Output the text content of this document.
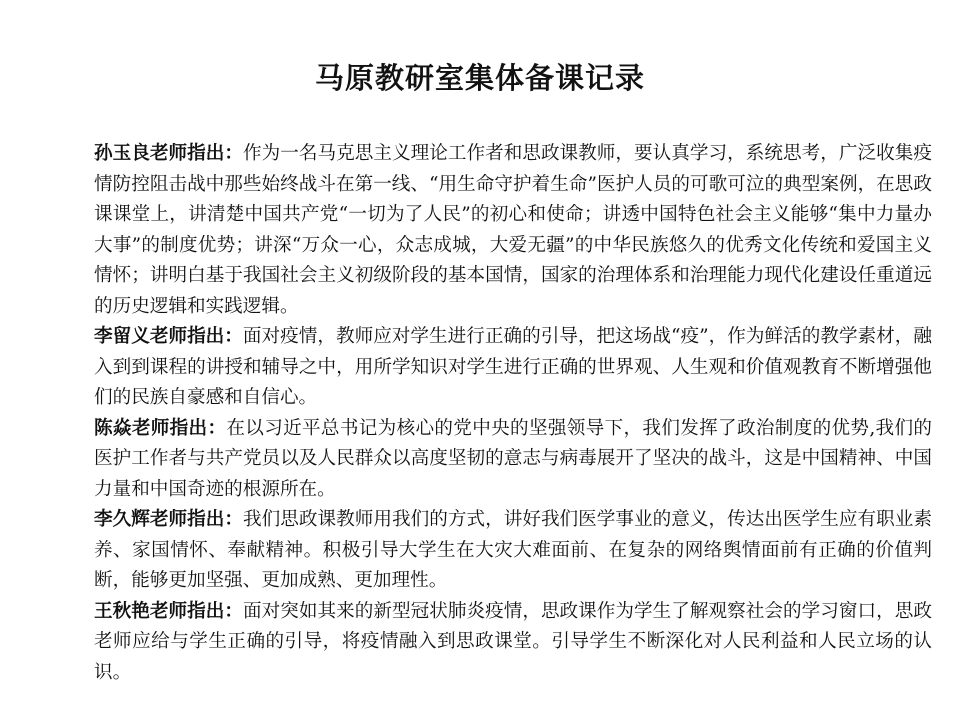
马原教研室集体备课记录

孙玉良老师指出：作为一名马克思主义理论工作者和思政课教师，要认真学习，系统思考，广泛收集疫情防控阻击战中那些始终战斗在第一线、“用生命守护着生命”医护人员的可歌可泣的典型案例，在思政课课堂上，讲清楚中国共产党“一切为了人民”的初心和使命；讲透中国特色社会主义能够“集中力量办大事”的制度优势；讲深“万众一心，众志成城，大爱无疆”的中华民族悠久的优秀文化传统和爱国主义情怀；讲明白基于我国社会主义初级阶段的基本国情，国家的治理体系和治理能力现代化建设任重道远的历史逻辑和实践逻辑。

李留义老师指出：面对疫情，教师应对学生进行正确的引导，把这场战“疫”，作为鲜活的教学素材，融入到到课程的讲授和辅导之中，用所学知识对学生进行正确的世界观、人生观和价值观教育不断增强他们的民族自豪感和自信心。

陈焱老师指出：在以习近平总书记为核心的党中央的坚强领导下，我们发挥了政治制度的优势,我们的医护工作者与共产党员以及人民群众以高度坚韧的意志与病毒展开了坚决的战斗，这是中国精神、中国力量和中国奇迹的根源所在。

李久辉老师指出：我们思政课教师用我们的方式，讲好我们医学事业的意义，传达出医学生应有职业素养、家国情怀、奉献精神。积极引导大学生在大灾大难面前、在复杂的网络舆情面前有正确的价值判断，能够更加坚强、更加成熟、更加理性。

王秋艳老师指出：面对突如其来的新型冠状肺炎疫情，思政课作为学生了解观察社会的学习窗口，思政老师应给与学生正确的引导，将疫情融入到思政课堂。引导学生不断深化对人民利益和人民立场的认识。
